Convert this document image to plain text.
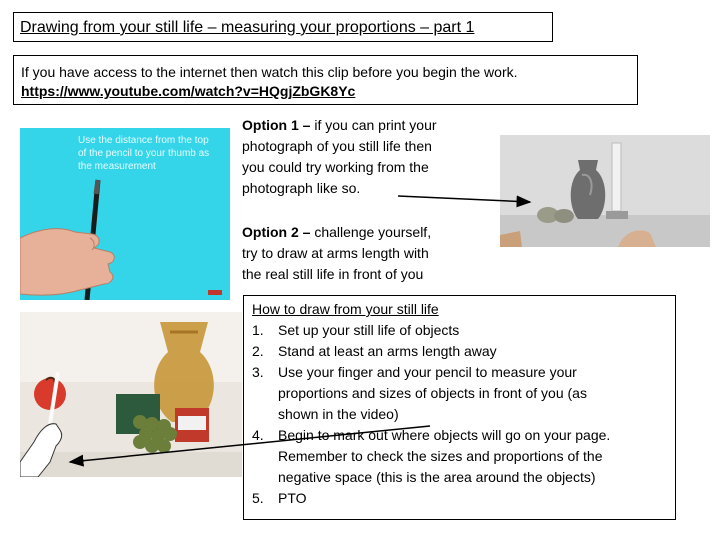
Drawing from your still life – measuring your proportions – part 1
If you have access to the internet then watch this clip before you begin the work.
https://www.youtube.com/watch?v=HQgjZbGK8Yc
Use the distance from the top
of the pencil to your thumb as
the measurement
Option 1 – if you can print your
photograph of you still life then
you could try working from the
photograph like so.
Option 2 – challenge yourself,
try to draw at arms length with
the real still life in front of you
How to draw from your still life
1. Set up your still life of objects
2. Stand at least an arms length away
3. Use your finger and your pencil to measure your
proportions and sizes of objects in front of you (as
shown in the video)
4. Begin to mark out where objects will go on your page.
Remember to check the sizes and proportions of the
negative space (this is the area around the objects)
5. PTO
